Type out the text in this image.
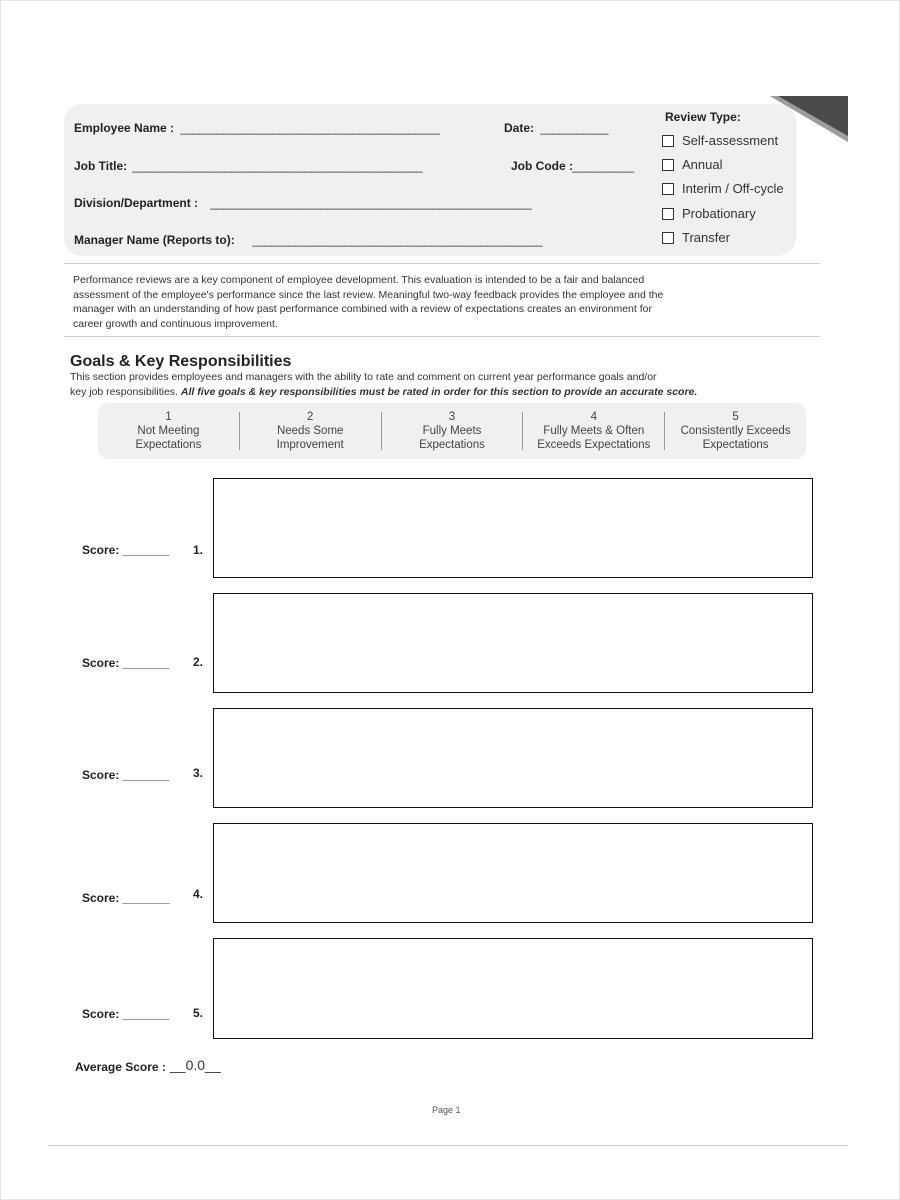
Employee Name : __________________________________________	Date: ___________
Job Title: _______________________________________________	Job Code : __________
Division/Department : ____________________________________________________
Manager Name (Reports to): _______________________________________________
Review Type:
Self-assessment
Annual
Interim / Off-cycle
Probationary
Transfer
Performance reviews are a key component of employee development. This evaluation is intended to be a fair and balanced
assessment of the employee's performance since the last review. Meaningful two-way feedback provides the employee and the
manager with an understanding of how past performance combined with a review of expectations creates an environment for
career growth and continuous improvement.
Goals & Key Responsibilities
This section provides employees and managers with the ability to rate and comment on current year performance goals and/or
key job responsibilities. All five goals & key responsibilities must be rated in order for this section to provide an accurate score.
1
Not Meeting
Expectations
2
Needs Some
Improvement
3
Fully Meets
Expectations
4
Fully Meets & Often
Exceeds Expectations
5
Consistently Exceeds
Expectations
Score: _______ 1.
Score: _______ 2.
Score: _______ 3.
Score: _______ 4.
Score: _______ 5.
Average Score : __0.0__
Page 1
